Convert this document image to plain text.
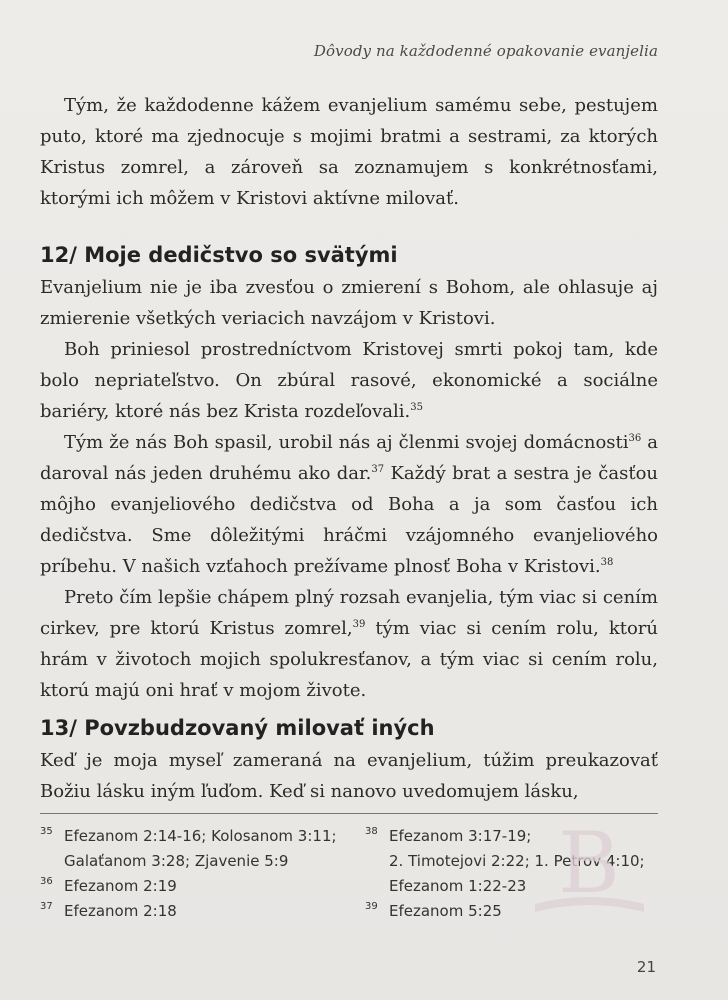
Dôvody na každodenné opakovanie evanjelia

Tým, že každodenne kážem evanjelium samému sebe, pestujem puto, ktoré ma zjednocuje s mojimi bratmi a sestrami, za ktorých Kristus zomrel, a zároveň sa zoznamujem s konkrétnosťami, ktorými ich môžem v Kristovi aktívne milovať.

12/ Moje dedičstvo so svätými

Evanjelium nie je iba zvesťou o zmierení s Bohom, ale ohlasuje aj zmierenie všetkých veriacich navzájom v Kristovi.

Boh priniesol prostredníctvom Kristovej smrti pokoj tam, kde bolo nepriateľstvo. On zbúral rasové, ekonomické a sociálne bariéry, ktoré nás bez Krista rozdeľovali.$^{35}$

Tým že nás Boh spasil, urobil nás aj členmi svojej domácnosti$^{36}$ a daroval nás jeden druhému ako dar.$^{37}$ Každý brat a sestra je časťou môjho evanjeliového dedičstva od Boha a ja som časťou ich dedičstva. Sme dôležitými hráčmi vzájomného evanjeliového príbehu. V našich vzťahoch prežívame plnosť Boha v Kristovi.$^{38}$

Preto čím lepšie chápem plný rozsah evanjelia, tým viac si cením cirkev, pre ktorú Kristus zomrel,$^{39}$ tým viac si cením rolu, ktorú hrám v životoch mojich spolukresťanov, a tým viac si cením rolu, ktorú majú oni hrať v mojom živote.

13/ Povzbudzovaný milovať iných

Keď je moja myseľ zameraná na evanjelium, túžim preukazovať Božiu lásku iným ľuďom. Keď si nanovo uvedomujem lásku,

35 Efezanom 2:14-16; Kolosanom 3:11;
Galaťanom 3:28; Zjavenie 5:9
36 Efezanom 2:19
37 Efezanom 2:18
38 Efezanom 3:17-19;
2. Timotejovi 2:22; 1. Petrov 4:10;
Efezanom 1:22-23
39 Efezanom 5:25 B
21
